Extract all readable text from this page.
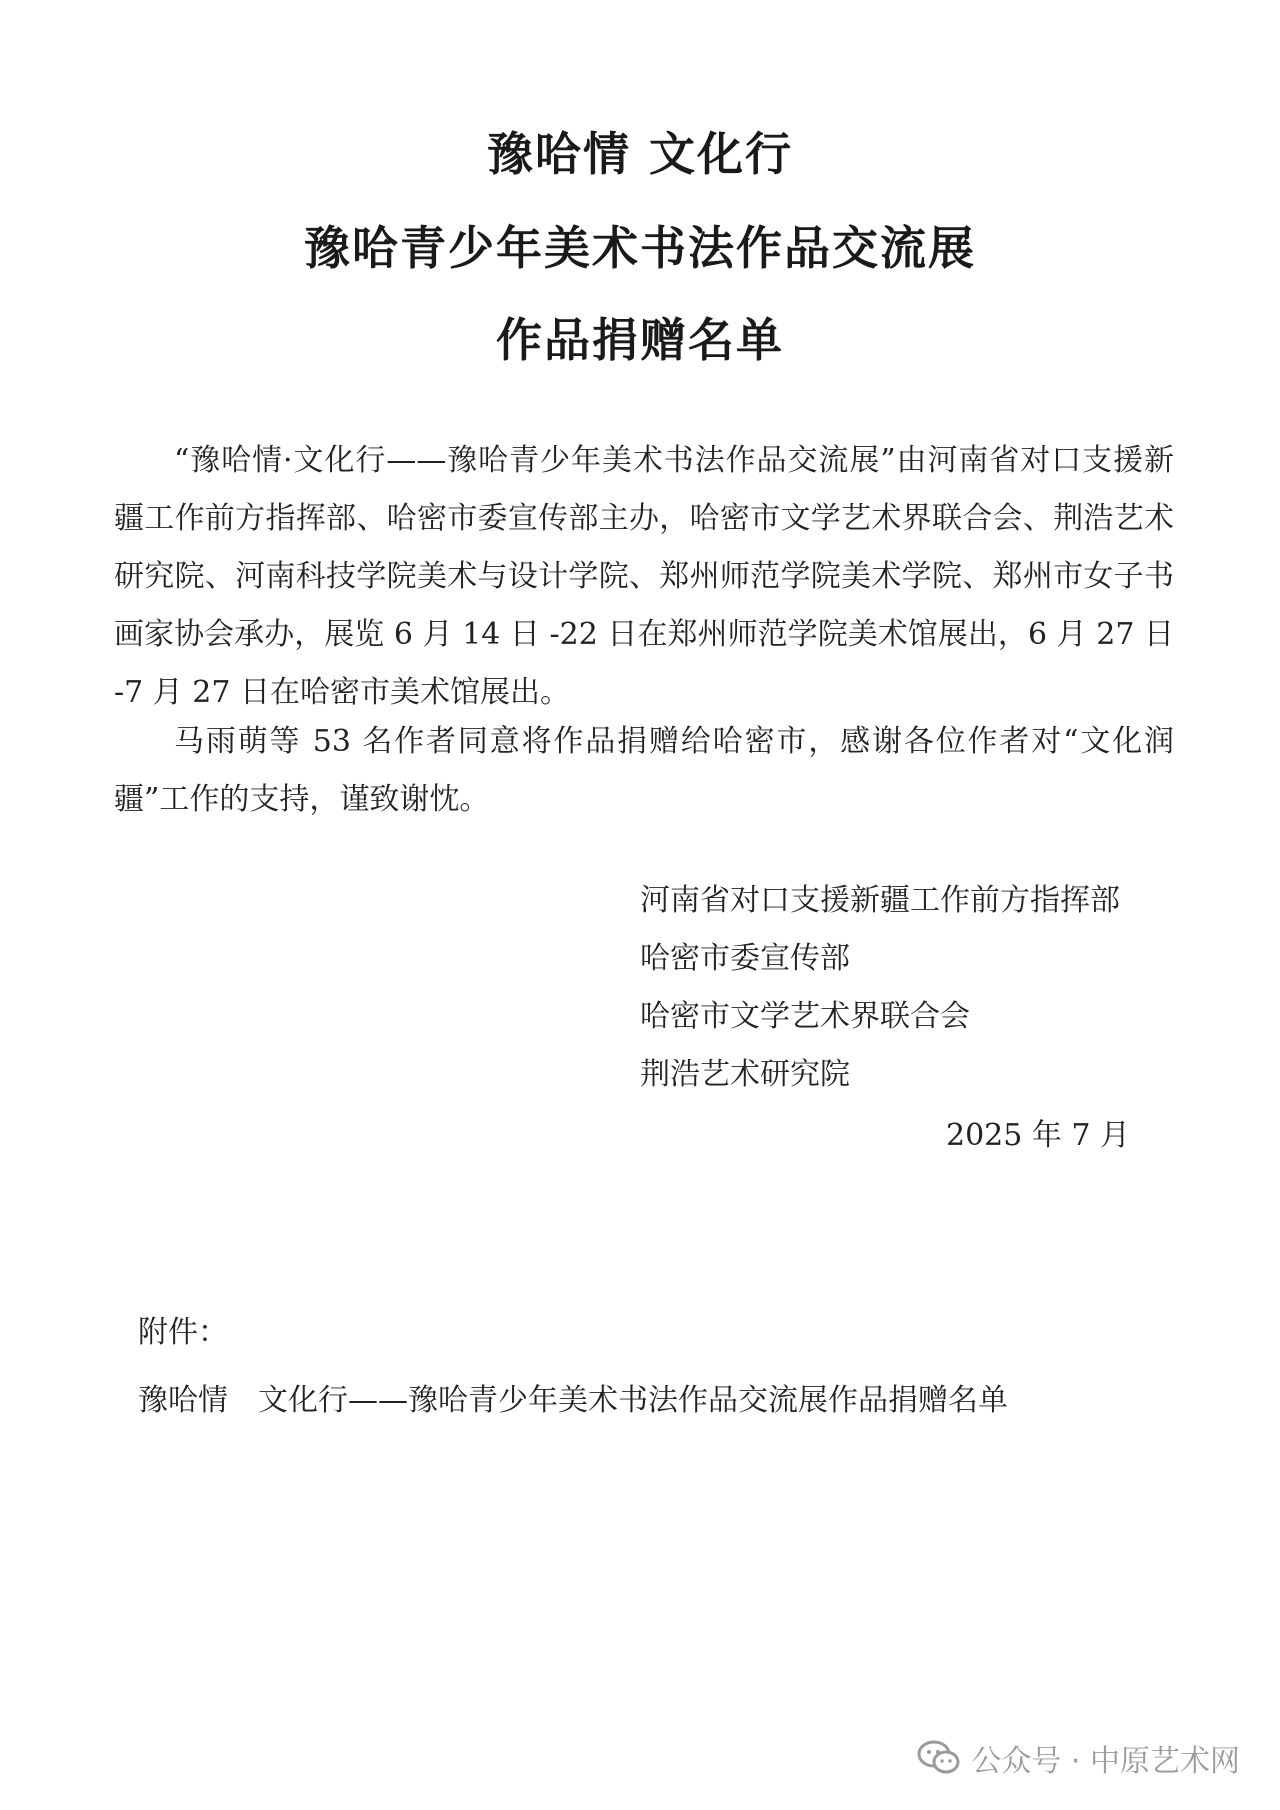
豫哈情 文化行
豫哈青少年美术书法作品交流展
作品捐赠名单

“豫哈情·文化行——豫哈青少年美术书法作品交流展”由河南省对口支援新疆工作前方指挥部、哈密市委宣传部主办，哈密市文学艺术界联合会、荆浩艺术研究院、河南科技学院美术与设计学院、郑州师范学院美术学院、郑州市女子书画家协会承办，展览 6 月 14 日 -22 日在郑州师范学院美术馆展出，6 月 27 日 -7 月 27 日在哈密市美术馆展出。

马雨萌等 53 名作者同意将作品捐赠给哈密市，感谢各位作者对“文化润疆”工作的支持，谨致谢忱。

河南省对口支援新疆工作前方指挥部
哈密市委宣传部
哈密市文学艺术界联合会
荆浩艺术研究院
2025 年 7 月
附件：
豫哈情　文化行——豫哈青少年美术书法作品交流展作品捐赠名单
公众号 · 中原艺术网
